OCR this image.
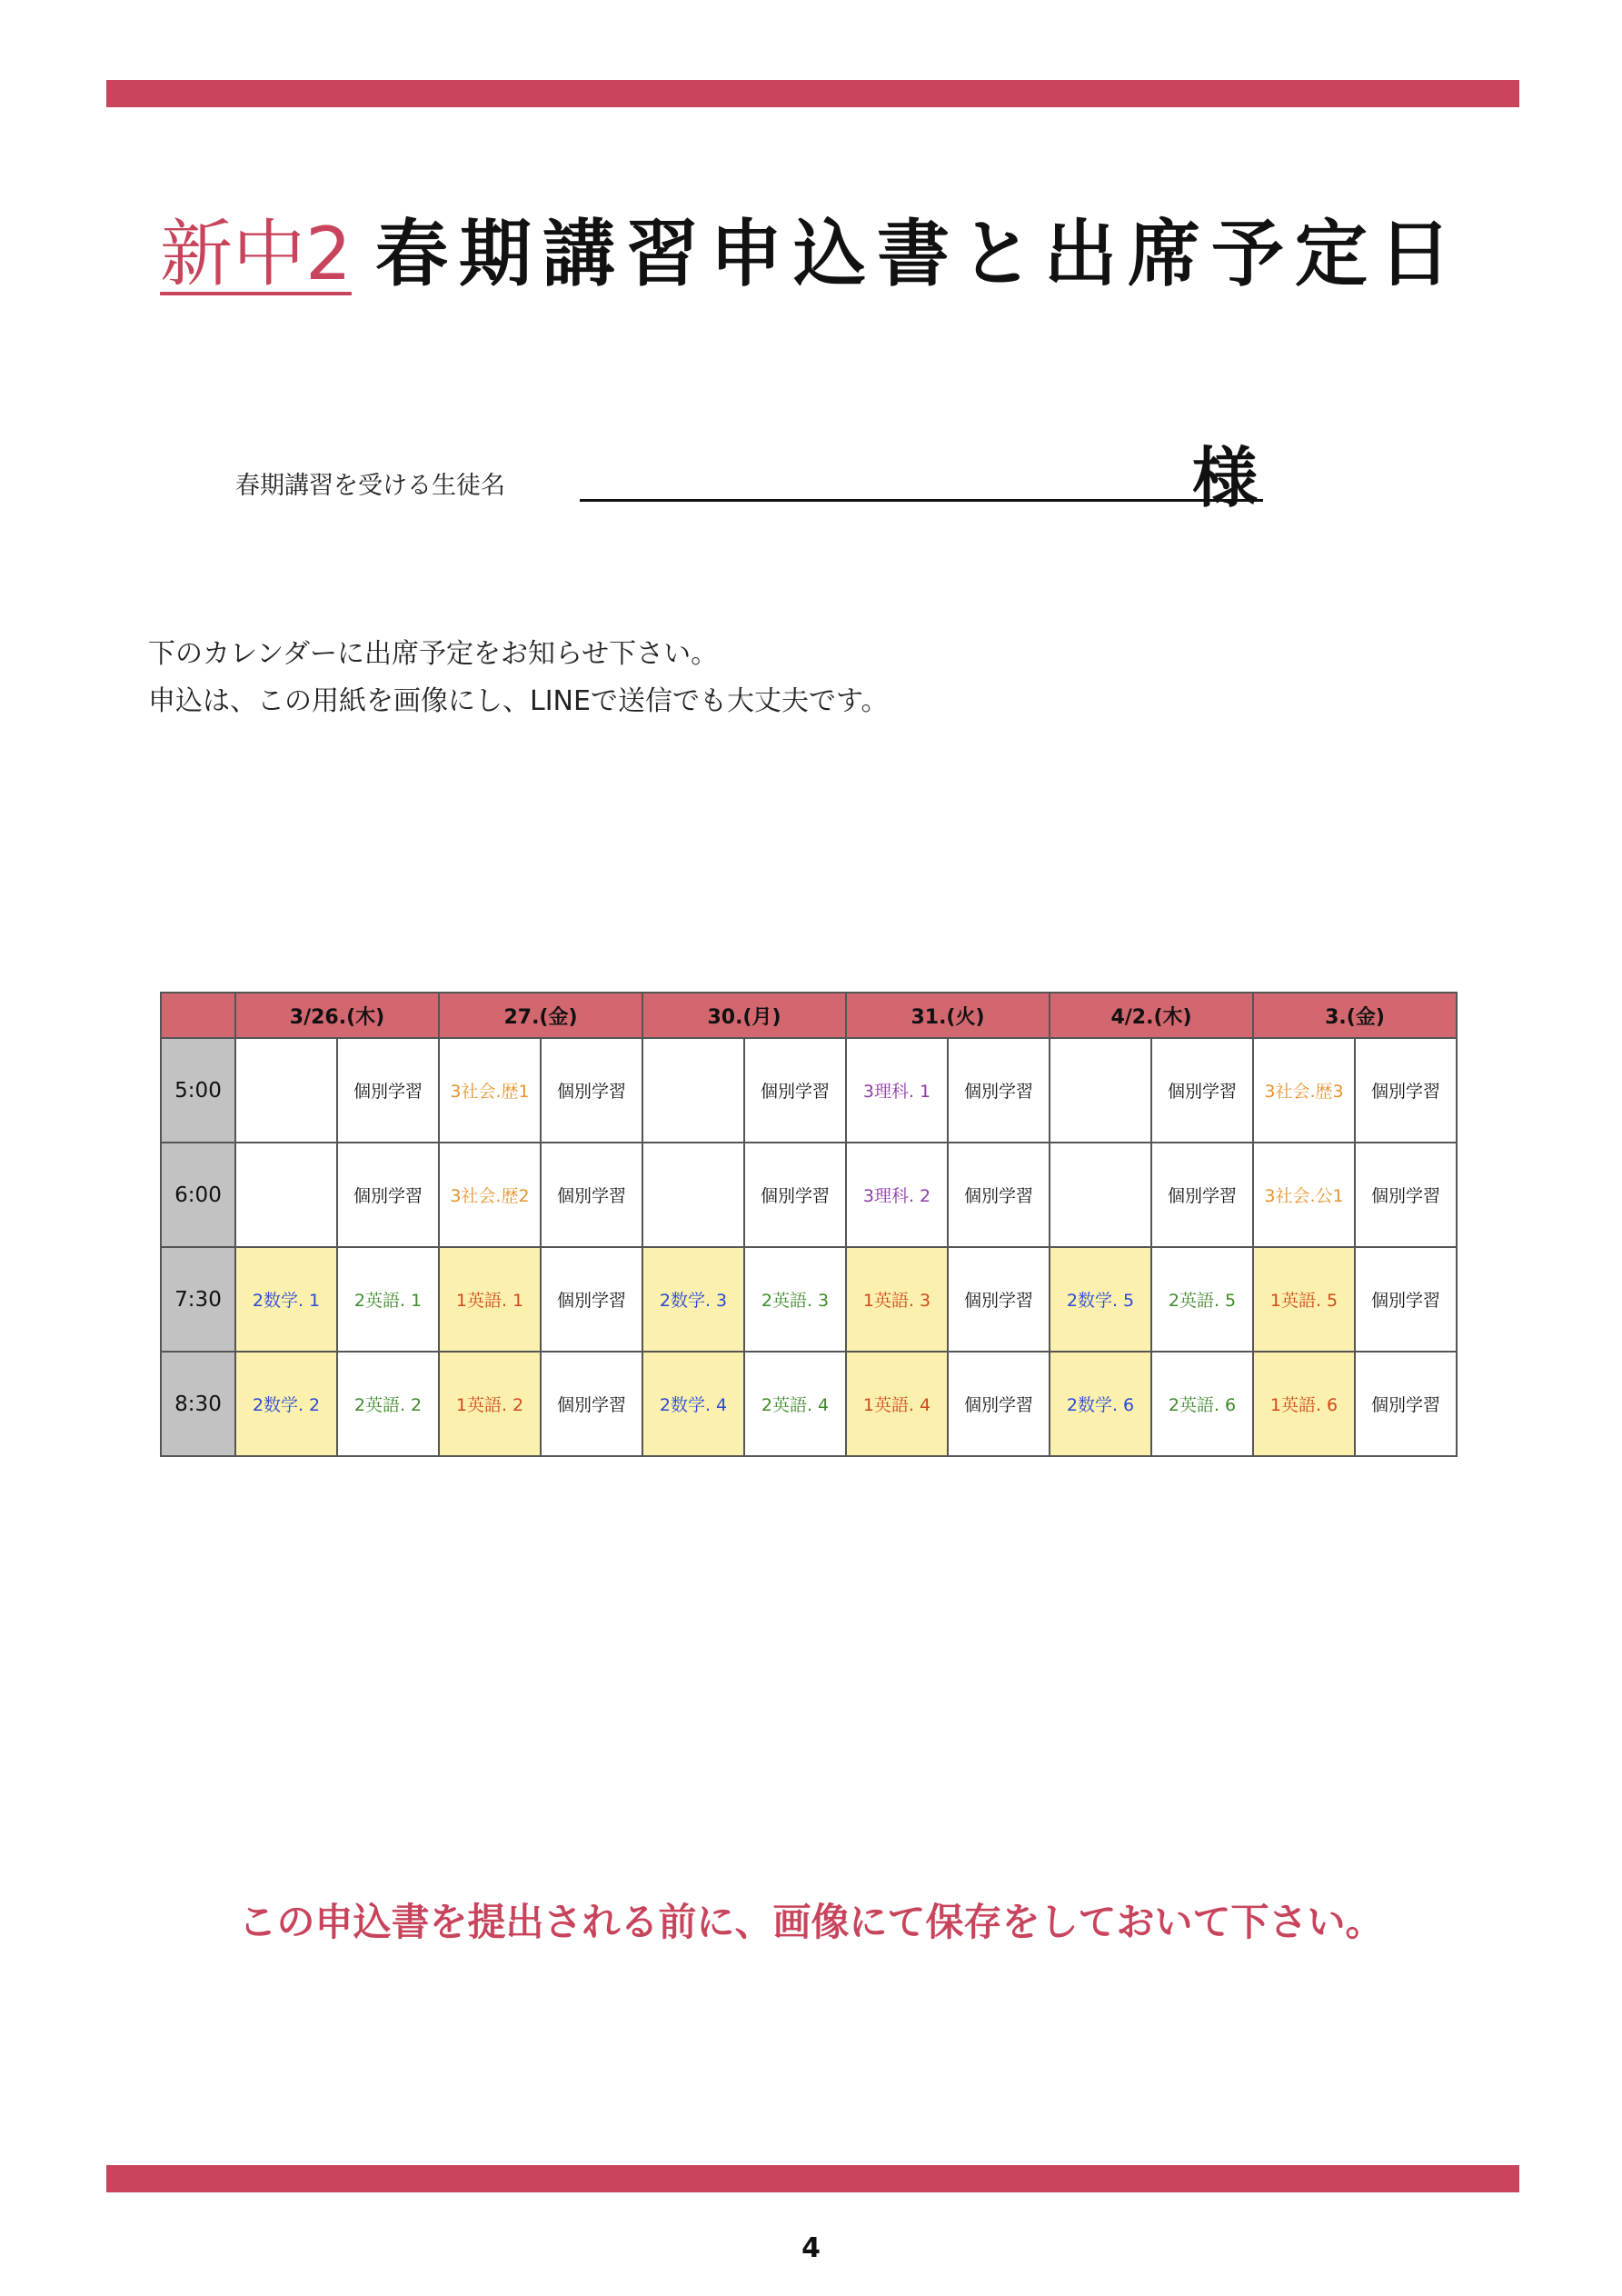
新中2 春期講習申込書と出席予定日
春期講習を受ける生徒名	様
下のカレンダーに出席予定をお知らせ下さい。
申込は、この用紙を画像にし、LINEで送信でも大丈夫です。
	3/26.(木)		27.(金)		30.(月)		31.(火)		4/2.(木)		3.(金)	
5:00		個別学習	3社会.歴1	個別学習		個別学習	3理科. 1	個別学習		個別学習	3社会.歴3	個別学習
6:00		個別学習	3社会.歴2	個別学習		個別学習	3理科. 2	個別学習		個別学習	3社会.公1	個別学習
7:30	2数学. 1	2英語. 1	1英語. 1	個別学習	2数学. 3	2英語. 3	1英語. 3	個別学習	2数学. 5	2英語. 5	1英語. 5	個別学習
8:30	2数学. 2	2英語. 2	1英語. 2	個別学習	2数学. 4	2英語. 4	1英語. 4	個別学習	2数学. 6	2英語. 6	1英語. 6	個別学習
この申込書を提出される前に、画像にて保存をしておいて下さい。
4
